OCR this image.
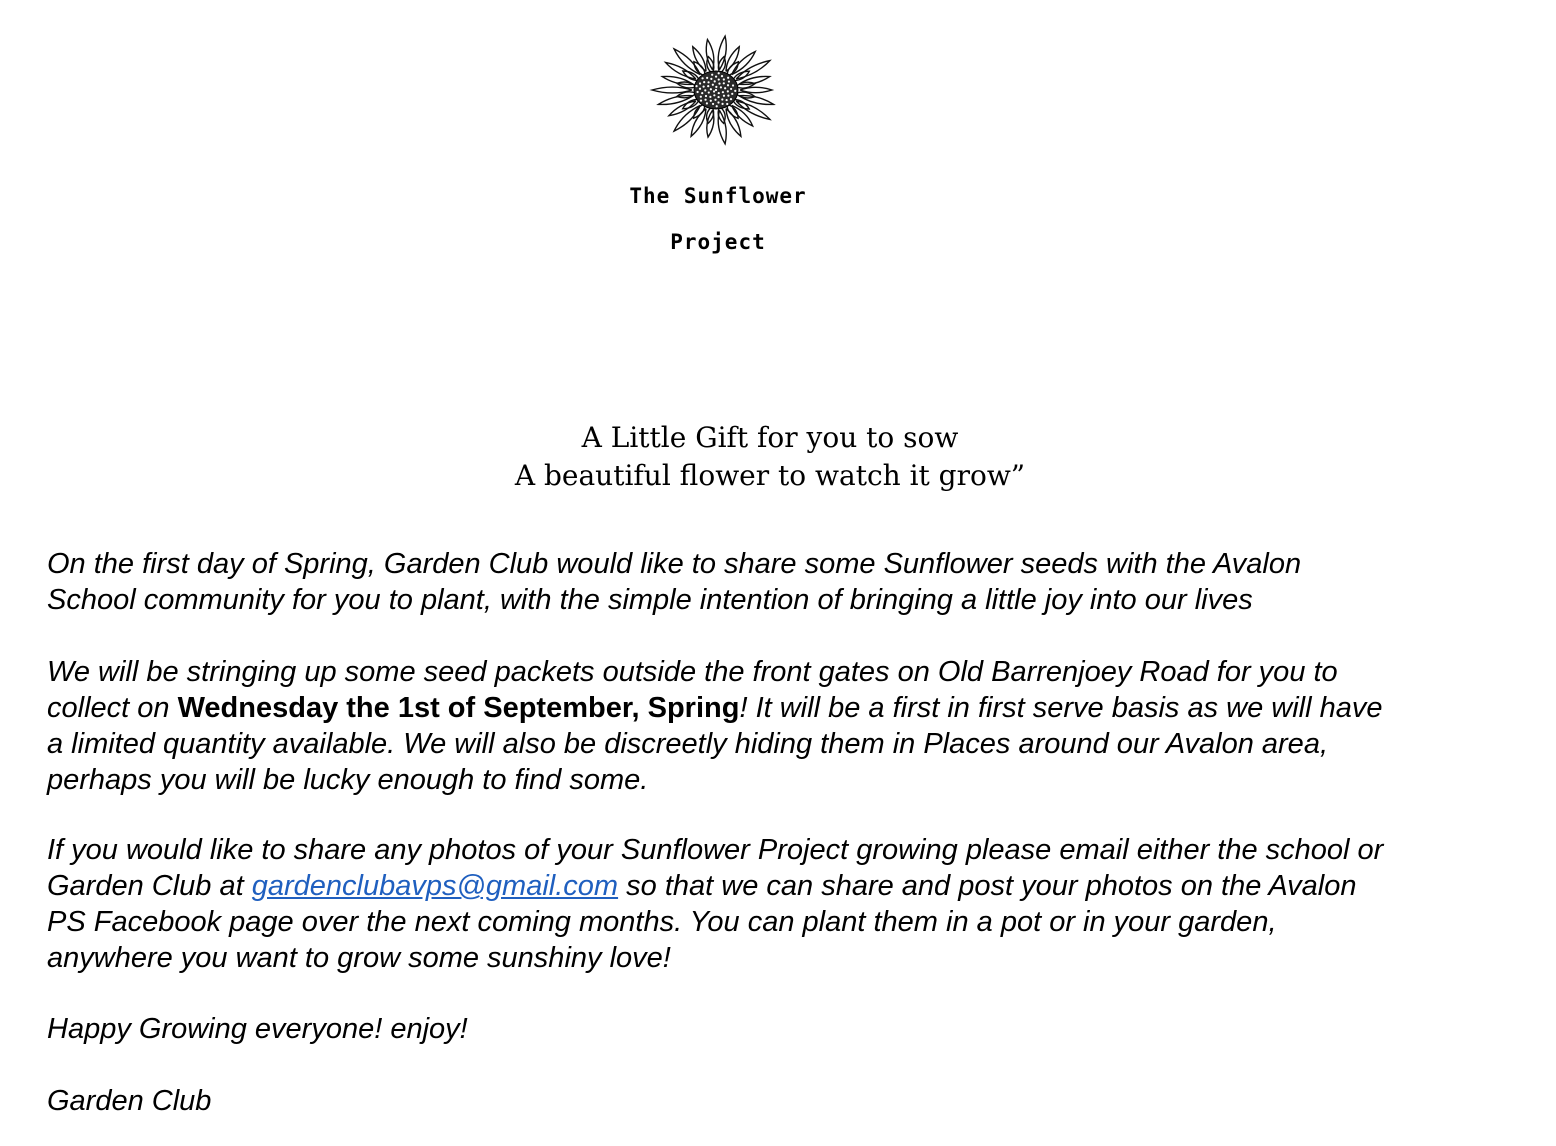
The Sunflower
Project
A Little Gift for you to sow
A beautiful flower to watch it grow”
On the first day of Spring, Garden Club would like to share some Sunflower seeds with the Avalon
School community for you to plant, with the simple intention of bringing a little joy into our lives
We will be stringing up some seed packets outside the front gates on Old Barrenjoey Road for you to
collect on Wednesday the 1st of September, Spring! It will be a first in first serve basis as we will have
a limited quantity available. We will also be discreetly hiding them in Places around our Avalon area,
perhaps you will be lucky enough to find some.
If you would like to share any photos of your Sunflower Project growing please email either the school or
Garden Club at gardenclubavps@gmail.com so that we can share and post your photos on the Avalon
PS Facebook page over the next coming months. You can plant them in a pot or in your garden,
anywhere you want to grow some sunshiny love!
Happy Growing everyone! enjoy!
Garden Club
